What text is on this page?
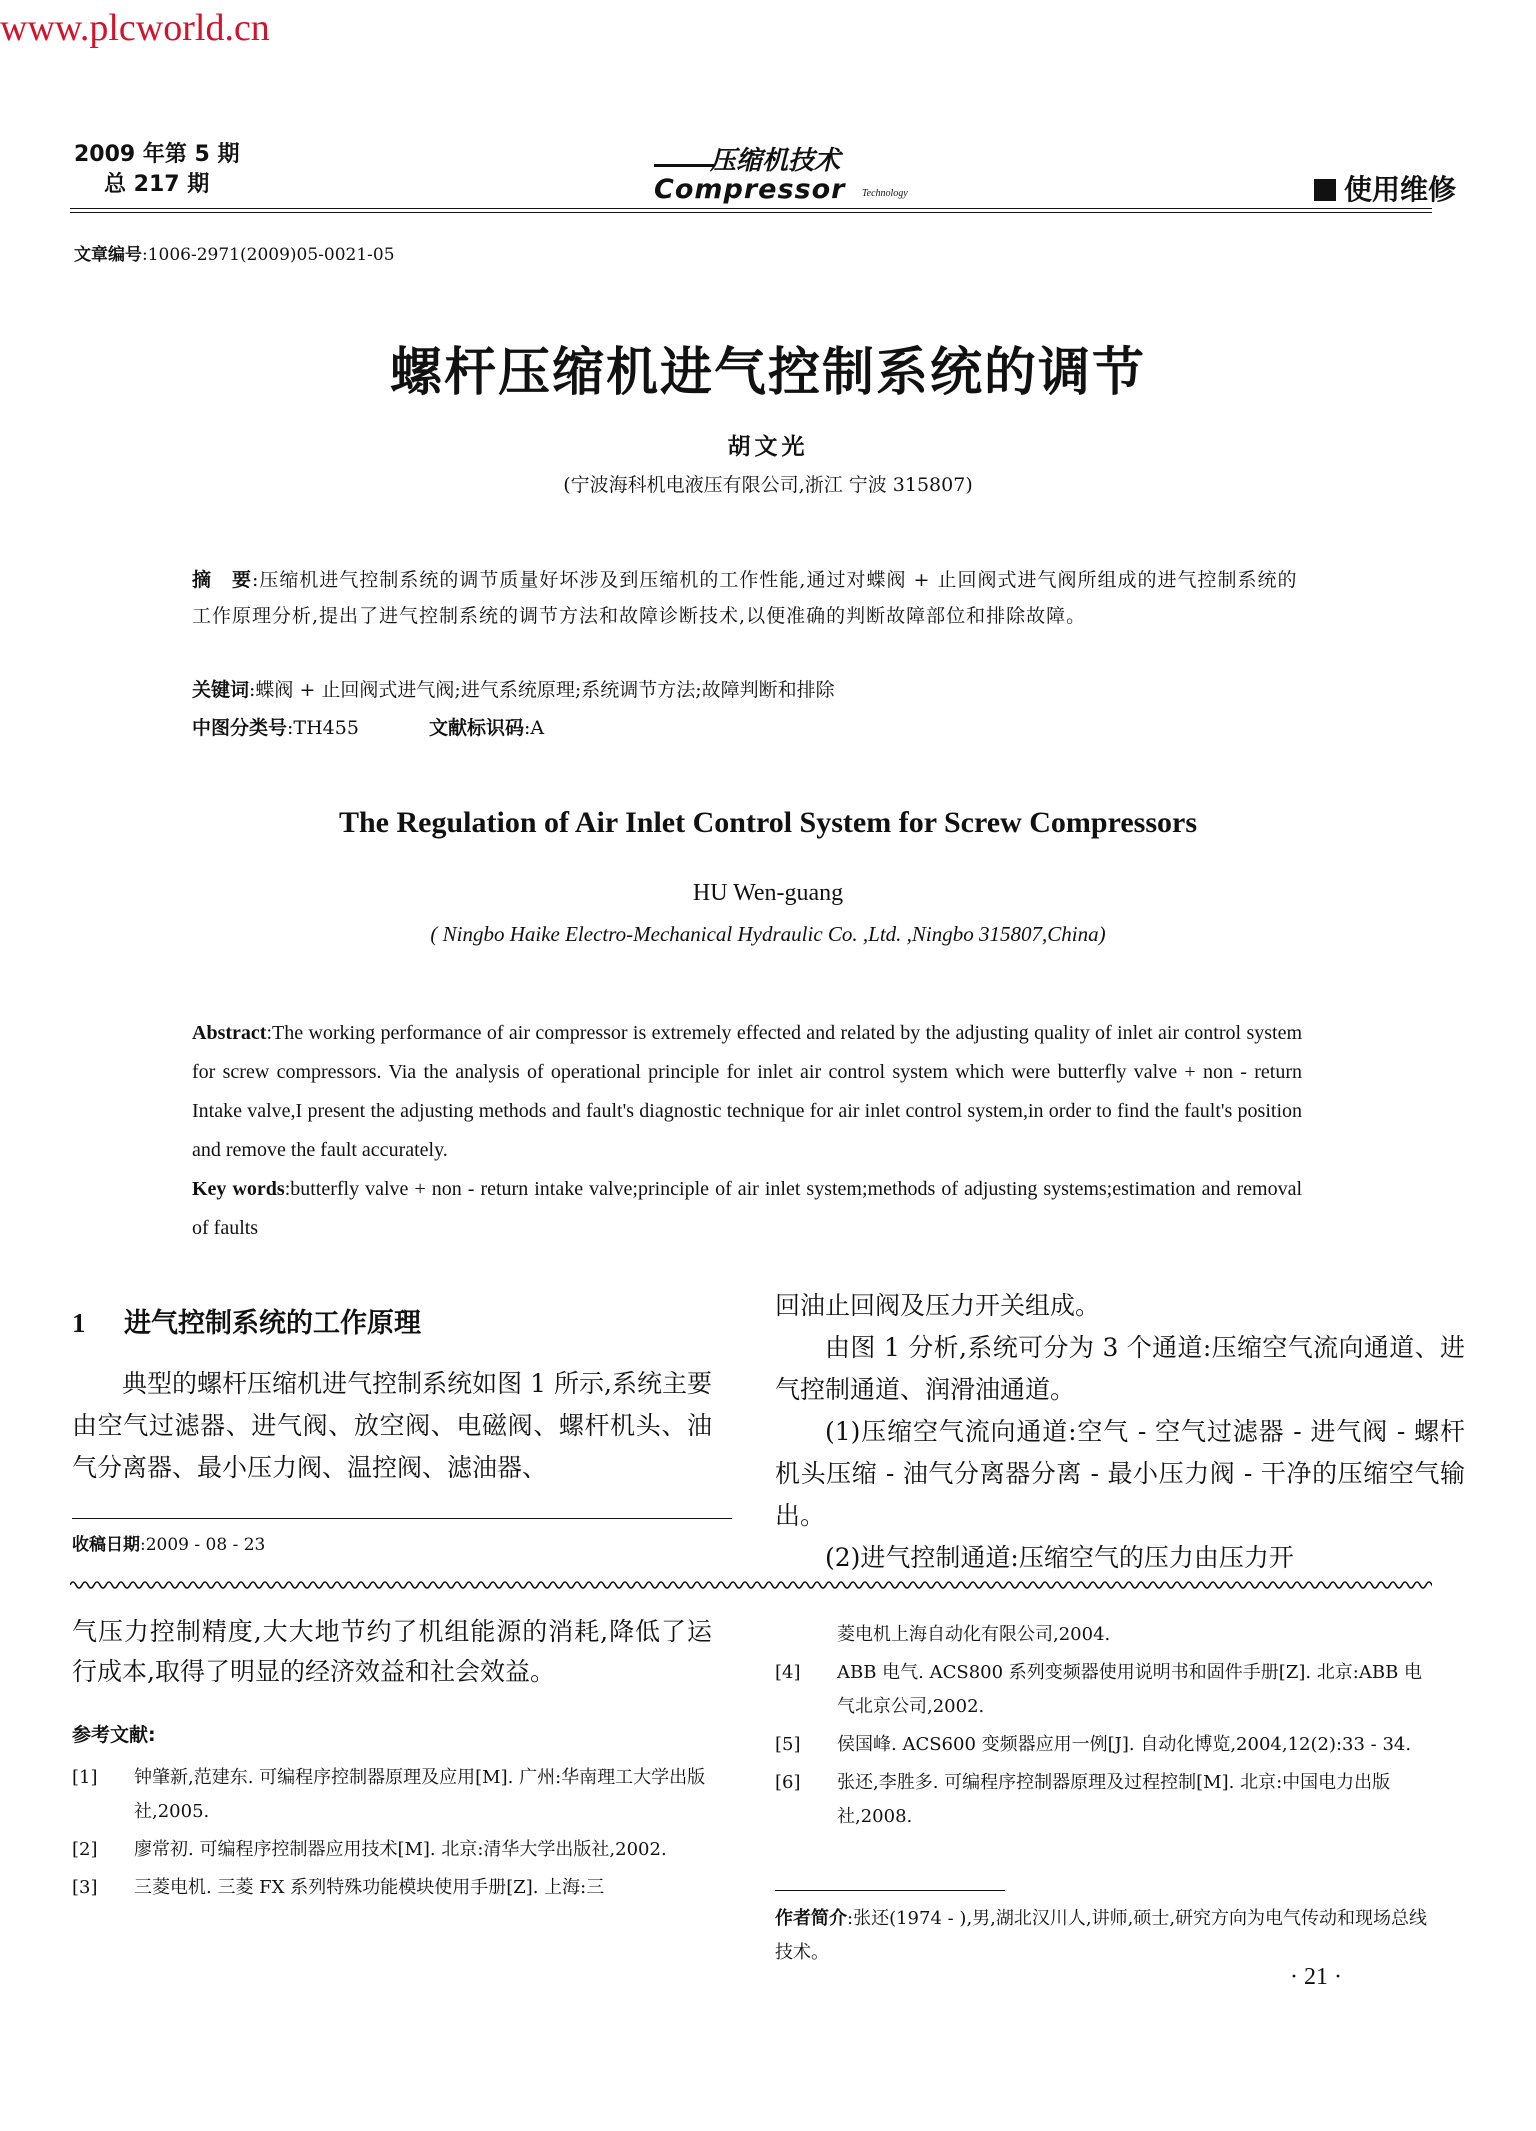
www.plcworld.cn
2009 年第 5 期
总 217 期
压缩机技术
Compressor Technology	使用维修
文章编号:1006-2971(2009)05-0021-05
螺杆压缩机进气控制系统的调节
胡文光
(宁波海科机电液压有限公司,浙江 宁波 315807)
摘　要:压缩机进气控制系统的调节质量好坏涉及到压缩机的工作性能,通过对蝶阀 + 止回阀式进气阀所组成的进气控制系统的工作原理分析,提出了进气控制系统的调节方法和故障诊断技术,以便准确的判断故障部位和排除故障。
关键词:蝶阀 + 止回阀式进气阀;进气系统原理;系统调节方法;故障判断和排除
中图分类号:TH455	文献标识码:A
The Regulation of Air Inlet Control System for Screw Compressors
HU Wen-guang
( Ningbo Haike Electro-Mechanical Hydraulic Co. ,Ltd. ,Ningbo 315807,China)
Abstract:The working performance of air compressor is extremely effected and related by the adjusting quality of inlet air control system for screw compressors. Via the analysis of operational principle for inlet air control system which were butterfly valve + non - return Intake valve,I present the adjusting methods and fault's diagnostic technique for air inlet control system,in order to find the fault's position and remove the fault accurately.
Key words:butterfly valve + non - return intake valve;principle of air inlet system;methods of adjusting systems;estimation and removal of faults
1 进气控制系统的工作原理
典型的螺杆压缩机进气控制系统如图 1 所示,系统主要由空气过滤器、进气阀、放空阀、电磁阀、螺杆机头、油气分离器、最小压力阀、温控阀、滤油器、
收稿日期:2009 - 08 - 23
回油止回阀及压力开关组成。
由图 1 分析,系统可分为 3 个通道:压缩空气流向通道、进气控制通道、润滑油通道。
(1)压缩空气流向通道:空气 - 空气过滤器 - 进气阀 - 螺杆机头压缩 - 油气分离器分离 - 最小压力阀 - 干净的压缩空气输出。
(2)进气控制通道:压缩空气的压力由压力开
气压力控制精度,大大地节约了机组能源的消耗,降低了运行成本,取得了明显的经济效益和社会效益。
参考文献:
[1]	钟肇新,范建东. 可编程序控制器原理及应用[M]. 广州:华南理工大学出版社,2005.
[2]	廖常初. 可编程序控制器应用技术[M]. 北京:清华大学出版社,2002.
[3]	三菱电机. 三菱 FX 系列特殊功能模块使用手册[Z]. 上海:三
菱电机上海自动化有限公司,2004.
[4]	ABB 电气. ACS800 系列变频器使用说明书和固件手册[Z]. 北京:ABB 电气北京公司,2002.
[5]	侯国峰. ACS600 变频器应用一例[J]. 自动化博览,2004,12(2):33 - 34.
[6]	张还,李胜多. 可编程序控制器原理及过程控制[M]. 北京:中国电力出版社,2008.
作者简介:张还(1974 - ),男,湖北汉川人,讲师,硕士,研究方向为电气传动和现场总线技术。
· 21 ·
